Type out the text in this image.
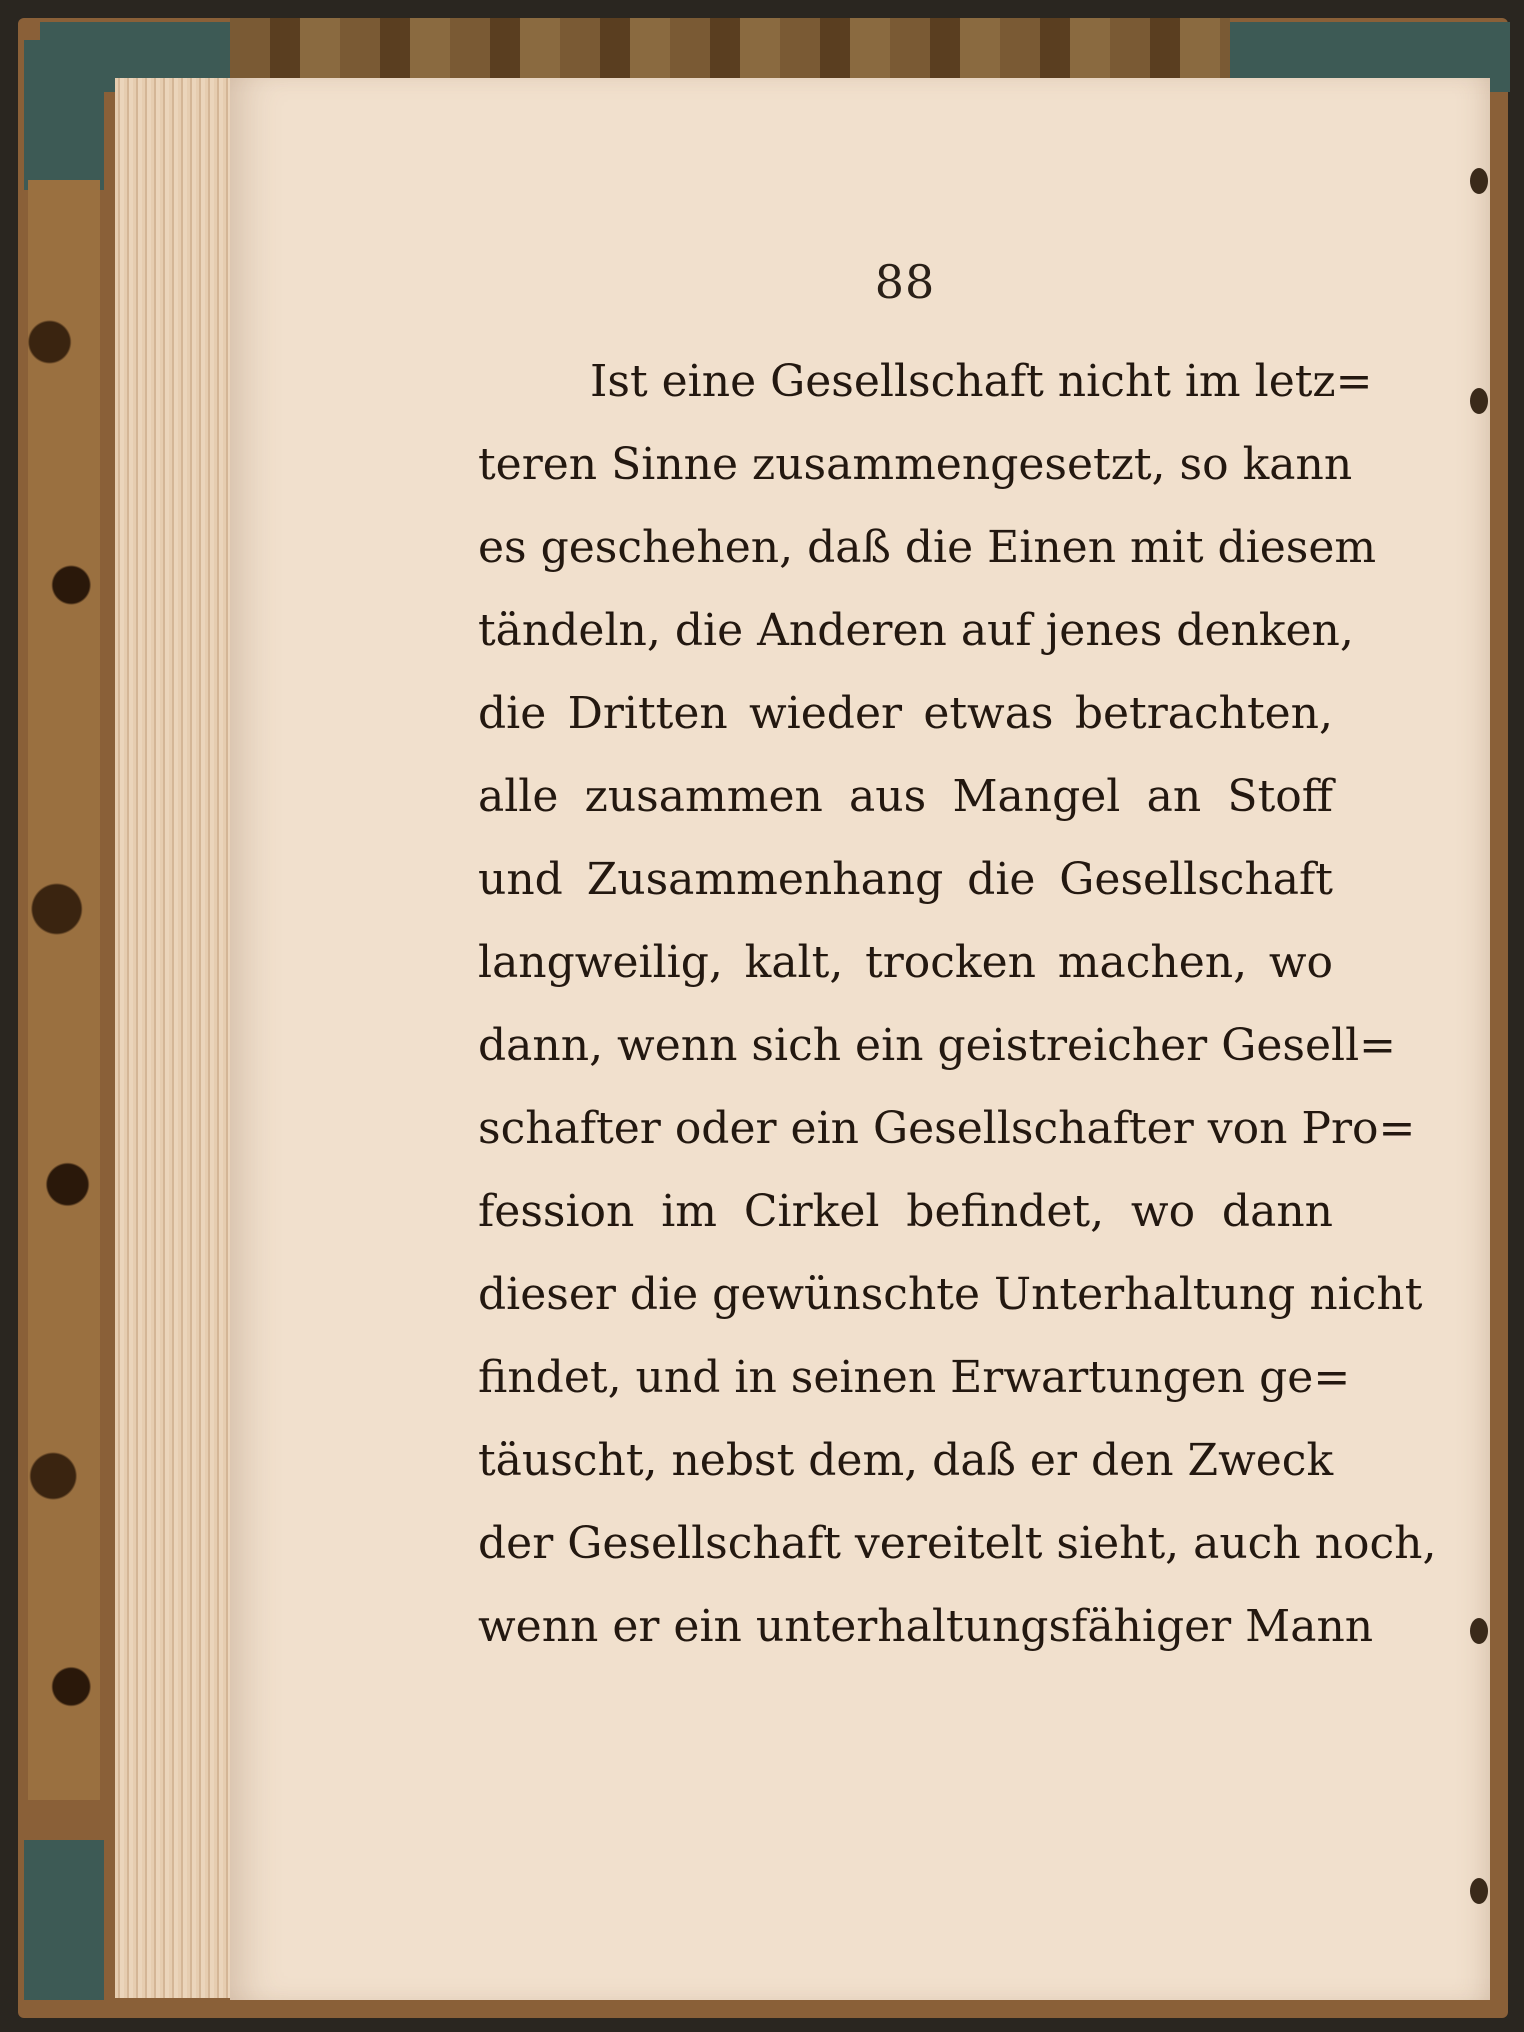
88
Ist eine Gesellschaft nicht im letz=
teren Sinne zusammengesetzt, so kann
es geschehen, daß die Einen mit diesem
tändeln, die Anderen auf jenes denken,
die Dritten wieder etwas betrachten,
alle zusammen aus Mangel an Stoff
und Zusammenhang die Gesellschaft
langweilig, kalt, trocken machen, wo
dann, wenn sich ein geistreicher Gesell=
schafter oder ein Gesellschafter von Pro=
fession im Cirkel befindet, wo dann
dieser die gewünschte Unterhaltung nicht
findet, und in seinen Erwartungen ge=
täuscht, nebst dem, daß er den Zweck
der Gesellschaft vereitelt sieht, auch noch,
wenn er ein unterhaltungsfähiger Mann
